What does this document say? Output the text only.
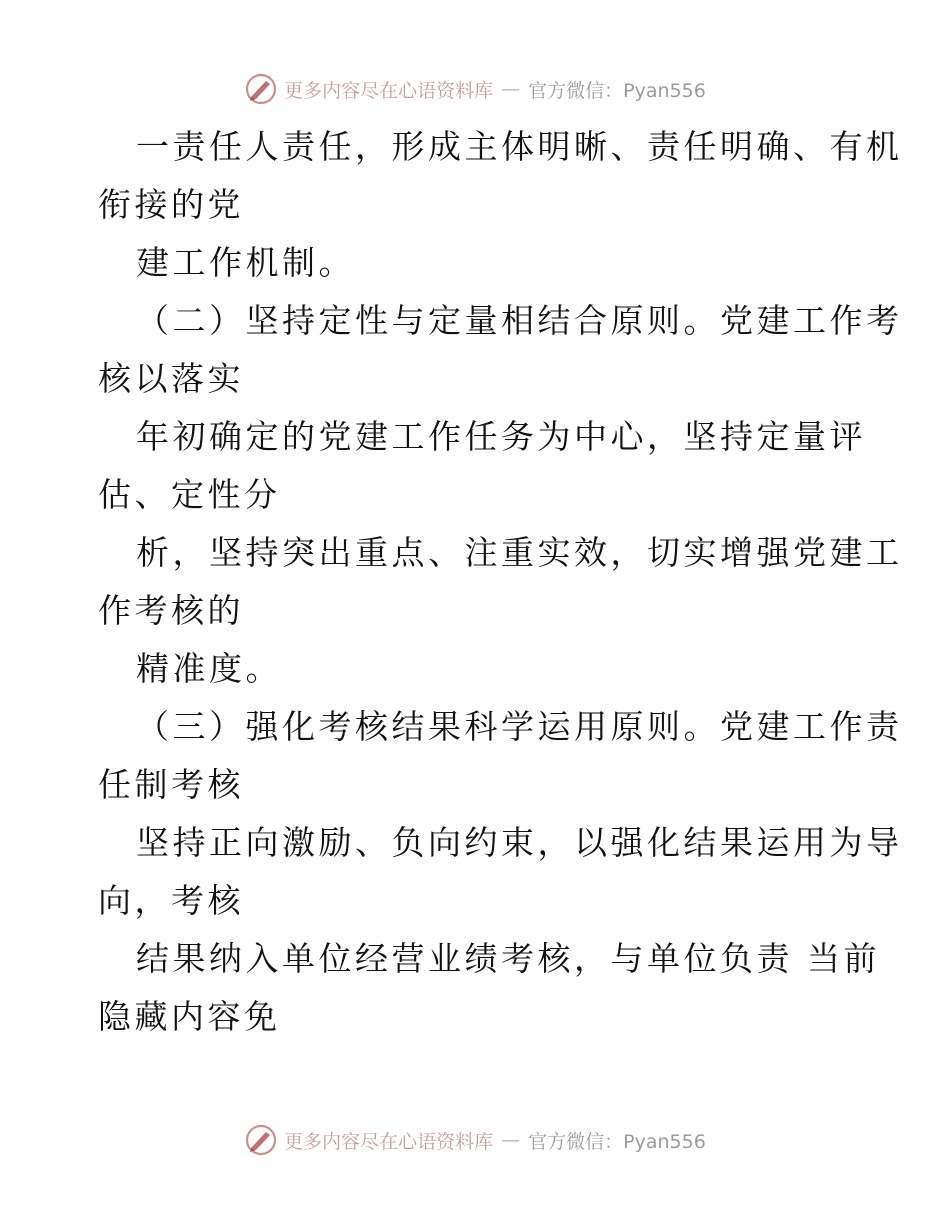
更多内容尽在心语资料库 — 官方微信：Pyan556
一责任人责任，形成主体明晰、责任明确、有机
衔接的党
建工作机制。
（二）坚持定性与定量相结合原则。党建工作考
核以落实
年初确定的党建工作任务为中心，坚持定量评
估、定性分
析，坚持突出重点、注重实效，切实增强党建工
作考核的
精准度。
（三）强化考核结果科学运用原则。党建工作责
任制考核
坚持正向激励、负向约束，以强化结果运用为导
向，考核
结果纳入单位经营业绩考核，与单位负责 当前
隐藏内容免
更多内容尽在心语资料库 — 官方微信：Pyan556
